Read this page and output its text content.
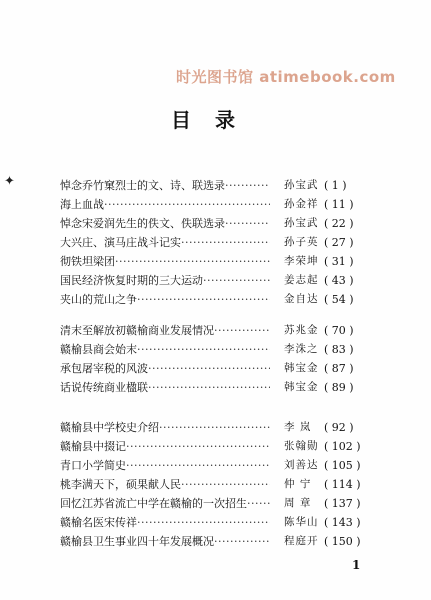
时光图书馆 atimebook.com
目录
✦	悼念乔竹窠烈士的文、诗、联选录 ·····	孙宝武 ( 1 )
海上血战 ·····	孙金祥 ( 11 )
悼念宋爱润先生的佚文、佚联选录 ·····	孙宝武 ( 22 )
大兴庄、演马庄战斗记实 ·····	孙子英 ( 27 )
彻铁坦梁团 ·····	李荣坤 ( 31 )
国民经济恢复时期的三大运动 ·····	姜志起 ( 43 )
夹山的荒山之争 ·····	金自达 ( 54 )
清末至解放初赣榆商业发展情况 ·····	苏兆金 ( 70 )
赣榆县商会始末 ·····	李洙之 ( 83 )
承包屠宰税的风波 ·····	韩宝金 ( 87 )
话说传统商业楹联 ·····	韩宝金 ( 89 )
赣榆县中学校史介绍 ·····	李 岚	( 92 )
赣榆县中掇记 ·····	张翰勋 ( 102 )
青口小学简史 ·····	刘善达 ( 105 )
桃李满天下，硕果献人民 ·····	仲 宁	( 114 )
回忆江苏省流亡中学在赣榆的一次招生 ·····	周 章	( 137 )
赣榆名医宋传祥 ·····	陈华山 ( 143 )
赣榆县卫生事业四十年发展概况 ·····	程庭开 ( 150 )
1
